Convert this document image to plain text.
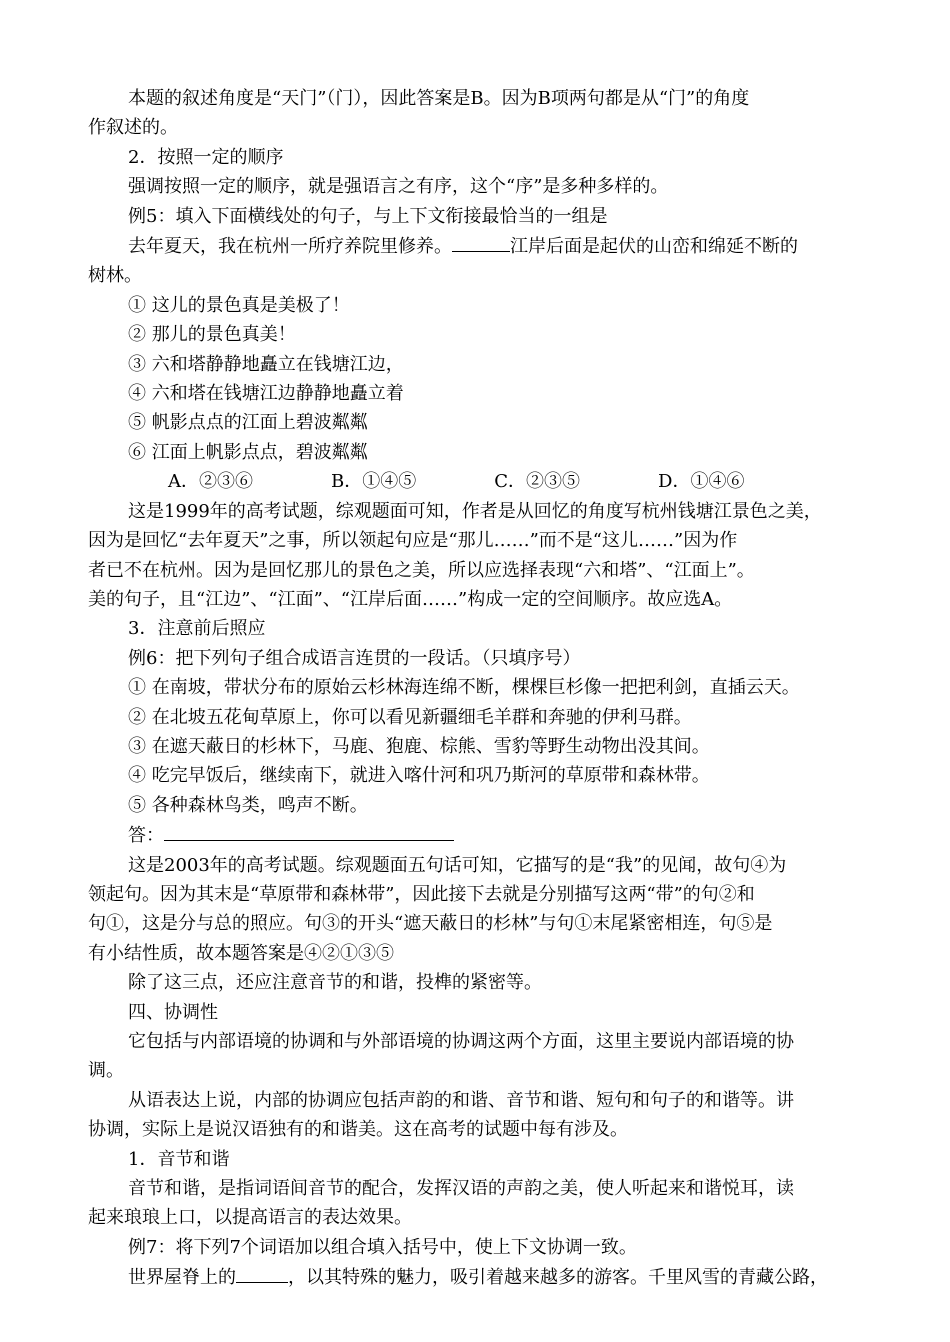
本题的叙述角度是“天门”（门），因此答案是B。因为B项两句都是从“门”的角度

作叙述的。

2．按照一定的顺序

强调按照一定的顺序，就是强语言之有序，这个“序”是多种多样的。

例5：填入下面横线处的句子，与上下文衔接最恰当的一组是

去年夏天，我在杭州一所疗养院里修养。	江岸后面是起伏的山峦和绵延不断的

树林。

① 这儿的景色真是美极了！

② 那儿的景色真美！

③ 六和塔静静地矗立在钱塘江边，

④ 六和塔在钱塘江边静静地矗立着

⑤ 帆影点点的江面上碧波粼粼

⑥ 江面上帆影点点，碧波粼粼

A．②③⑥	B．①④⑤	C．②③⑤	D．①④⑥

这是1999年的高考试题，综观题面可知，作者是从回忆的角度写杭州钱塘江景色之美，

因为是回忆“去年夏天”之事，所以领起句应是“那儿……”而不是“这儿……”因为作

者已不在杭州。因为是回忆那儿的景色之美，所以应选择表现“六和塔”、“江面上”。

美的句子，且“江边”、“江面”、“江岸后面……”构成一定的空间顺序。故应选A。

3．注意前后照应

例6：把下列句子组合成语言连贯的一段话。（只填序号）

① 在南坡，带状分布的原始云杉林海连绵不断，棵棵巨杉像一把把利剑，直插云天。

② 在北坡五花甸草原上，你可以看见新疆细毛羊群和奔驰的伊利马群。

③ 在遮天蔽日的杉林下，马鹿、狍鹿、棕熊、雪豹等野生动物出没其间。

④ 吃完早饭后，继续南下，就进入喀什河和巩乃斯河的草原带和森林带。

⑤ 各种森林鸟类，鸣声不断。

答：

这是2003年的高考试题。综观题面五句话可知，它描写的是“我”的见闻，故句④为

领起句。因为其末是“草原带和森林带”，因此接下去就是分别描写这两“带”的句②和

句①，这是分与总的照应。句③的开头“遮天蔽日的杉林”与句①末尾紧密相连，句⑤是

有小结性质，故本题答案是④②①③⑤

除了这三点，还应注意音节的和谐，投榫的紧密等。

四、协调性

它包括与内部语境的协调和与外部语境的协调这两个方面，这里主要说内部语境的协

调。

从语表达上说，内部的协调应包括声韵的和谐、音节和谐、短句和句子的和谐等。讲

协调，实际上是说汉语独有的和谐美。这在高考的试题中每有涉及。

1．音节和谐

音节和谐，是指词语间音节的配合，发挥汉语的声韵之美，使人听起来和谐悦耳，读

起来琅琅上口，以提高语言的表达效果。

例7：将下列7个词语加以组合填入括号中，使上下文协调一致。

世界屋脊上的	，以其特殊的魅力，吸引着越来越多的游客。千里风雪的青藏公路，
